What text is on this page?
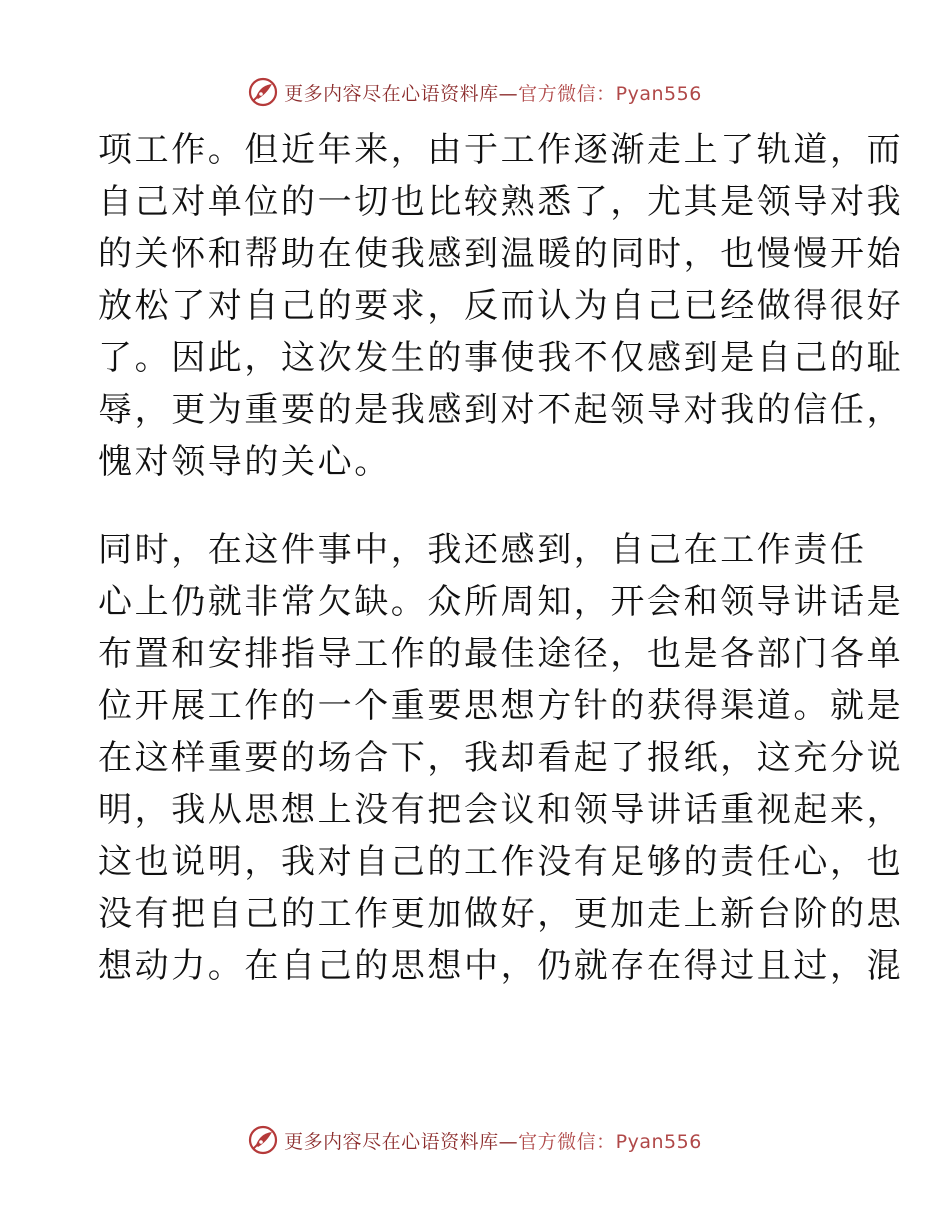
更多内容尽在心语资料库—官方微信：Pyan556
项工作。但近年来，由于工作逐渐走上了轨道，而
自己对单位的一切也比较熟悉了，尤其是领导对我
的关怀和帮助在使我感到温暖的同时，也慢慢开始
放松了对自己的要求，反而认为自己已经做得很好
了。因此，这次发生的事使我不仅感到是自己的耻
辱，更为重要的是我感到对不起领导对我的信任，
愧对领导的关心。
同时，在这件事中，我还感到，自己在工作责任
心上仍就非常欠缺。众所周知，开会和领导讲话是
布置和安排指导工作的最佳途径，也是各部门各单
位开展工作的一个重要思想方针的获得渠道。就是
在这样重要的场合下，我却看起了报纸，这充分说
明，我从思想上没有把会议和领导讲话重视起来，
这也说明，我对自己的工作没有足够的责任心，也
没有把自己的工作更加做好，更加走上新台阶的思
想动力。在自己的思想中，仍就存在得过且过，混
更多内容尽在心语资料库—官方微信：Pyan556
